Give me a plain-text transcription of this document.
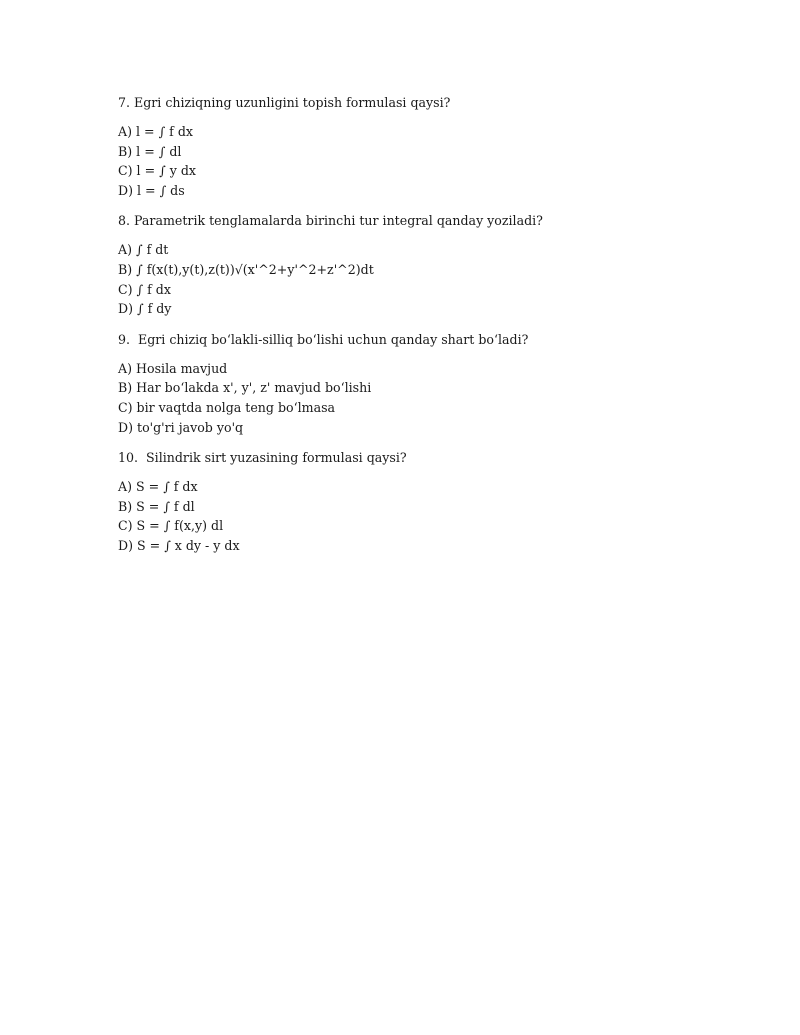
7. Egri chiziqning uzunligini topish formulasi qaysi?

A) l = ∫ f dx
B) l = ∫ dl
C) l = ∫ y dx
D) l = ∫ ds

8. Parametrik tenglamalarda birinchi tur integral qanday yoziladi?

A) ∫ f dt
B) ∫ f(x(t),y(t),z(t))√(x'^2+y'^2+z'^2)dt
C) ∫ f dx
D) ∫ f dy

9.  Egri chiziq bo‘lakli-silliq bo‘lishi uchun qanday shart bo‘ladi?

A) Hosila mavjud
B) Har bo‘lakda x', y', z' mavjud bo‘lishi
C) bir vaqtda nolga teng bo‘lmasa
D) to'g'ri javob yo'q

10.  Silindrik sirt yuzasining formulasi qaysi?

A) S = ∫ f dx
B) S = ∫ f dl
C) S = ∫ f(x,y) dl
D) S = ∫ x dy - y dx
